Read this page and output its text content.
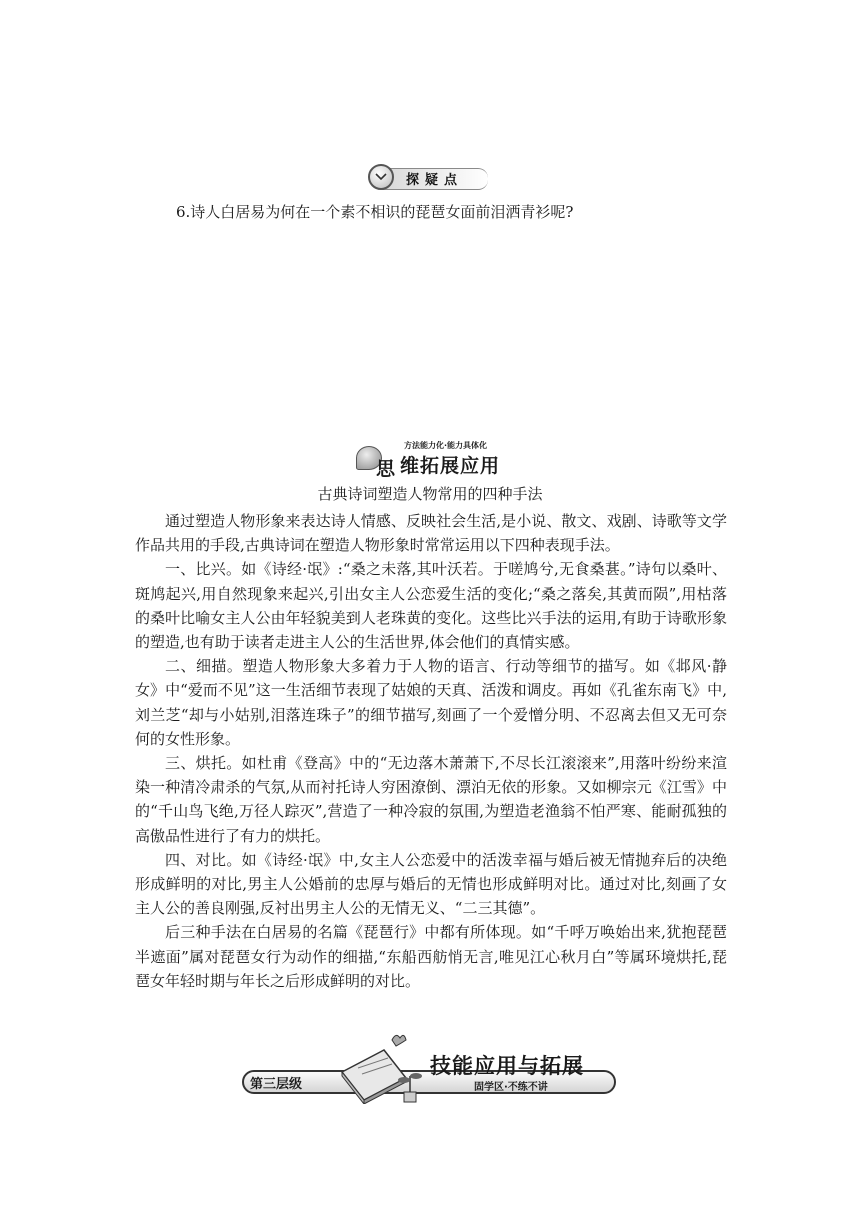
探疑点
6.诗人白居易为何在一个素不相识的琵琶女面前泪洒青衫呢?
思
方法能力化·能力具体化
维拓展应用
古典诗词塑造人物常用的四种手法

通过塑造人物形象来表达诗人情感、反映社会生活,是小说、散文、戏剧、诗歌等文学作品共用的手段,古典诗词在塑造人物形象时常常运用以下四种表现手法。

一、比兴。如《诗经·氓》:“桑之未落,其叶沃若。于嗟鸠兮,无食桑葚。”诗句以桑叶、斑鸠起兴,用自然现象来起兴,引出女主人公恋爱生活的变化;“桑之落矣,其黄而陨”,用枯落的桑叶比喻女主人公由年轻貌美到人老珠黄的变化。这些比兴手法的运用,有助于诗歌形象的塑造,也有助于读者走进主人公的生活世界,体会他们的真情实感。

二、细描。塑造人物形象大多着力于人物的语言、行动等细节的描写。如《邶风·静女》中“爱而不见”这一生活细节表现了姑娘的天真、活泼和调皮。再如《孔雀东南飞》中,刘兰芝“却与小姑别,泪落连珠子”的细节描写,刻画了一个爱憎分明、不忍离去但又无可奈何的女性形象。

三、烘托。如杜甫《登高》中的“无边落木萧萧下,不尽长江滚滚来”,用落叶纷纷来渲染一种清冷肃杀的气氛,从而衬托诗人穷困潦倒、漂泊无依的形象。又如柳宗元《江雪》中的“千山鸟飞绝,万径人踪灭”,营造了一种冷寂的氛围,为塑造老渔翁不怕严寒、能耐孤独的高傲品性进行了有力的烘托。

四、对比。如《诗经·氓》中,女主人公恋爱中的活泼幸福与婚后被无情抛弃后的决绝形成鲜明的对比,男主人公婚前的忠厚与婚后的无情也形成鲜明对比。通过对比,刻画了女主人公的善良刚强,反衬出男主人公的无情无义、“二三其德”。

后三种手法在白居易的名篇《琵琶行》中都有所体现。如“千呼万唤始出来,犹抱琵琶半遮面”属对琵琶女行为动作的细描,“东船西舫悄无言,唯见江心秋月白”等属环境烘托,琵琶女年轻时期与年长之后形成鲜明的对比。

第三层级
技能应用与拓展
固学区·不练不讲
